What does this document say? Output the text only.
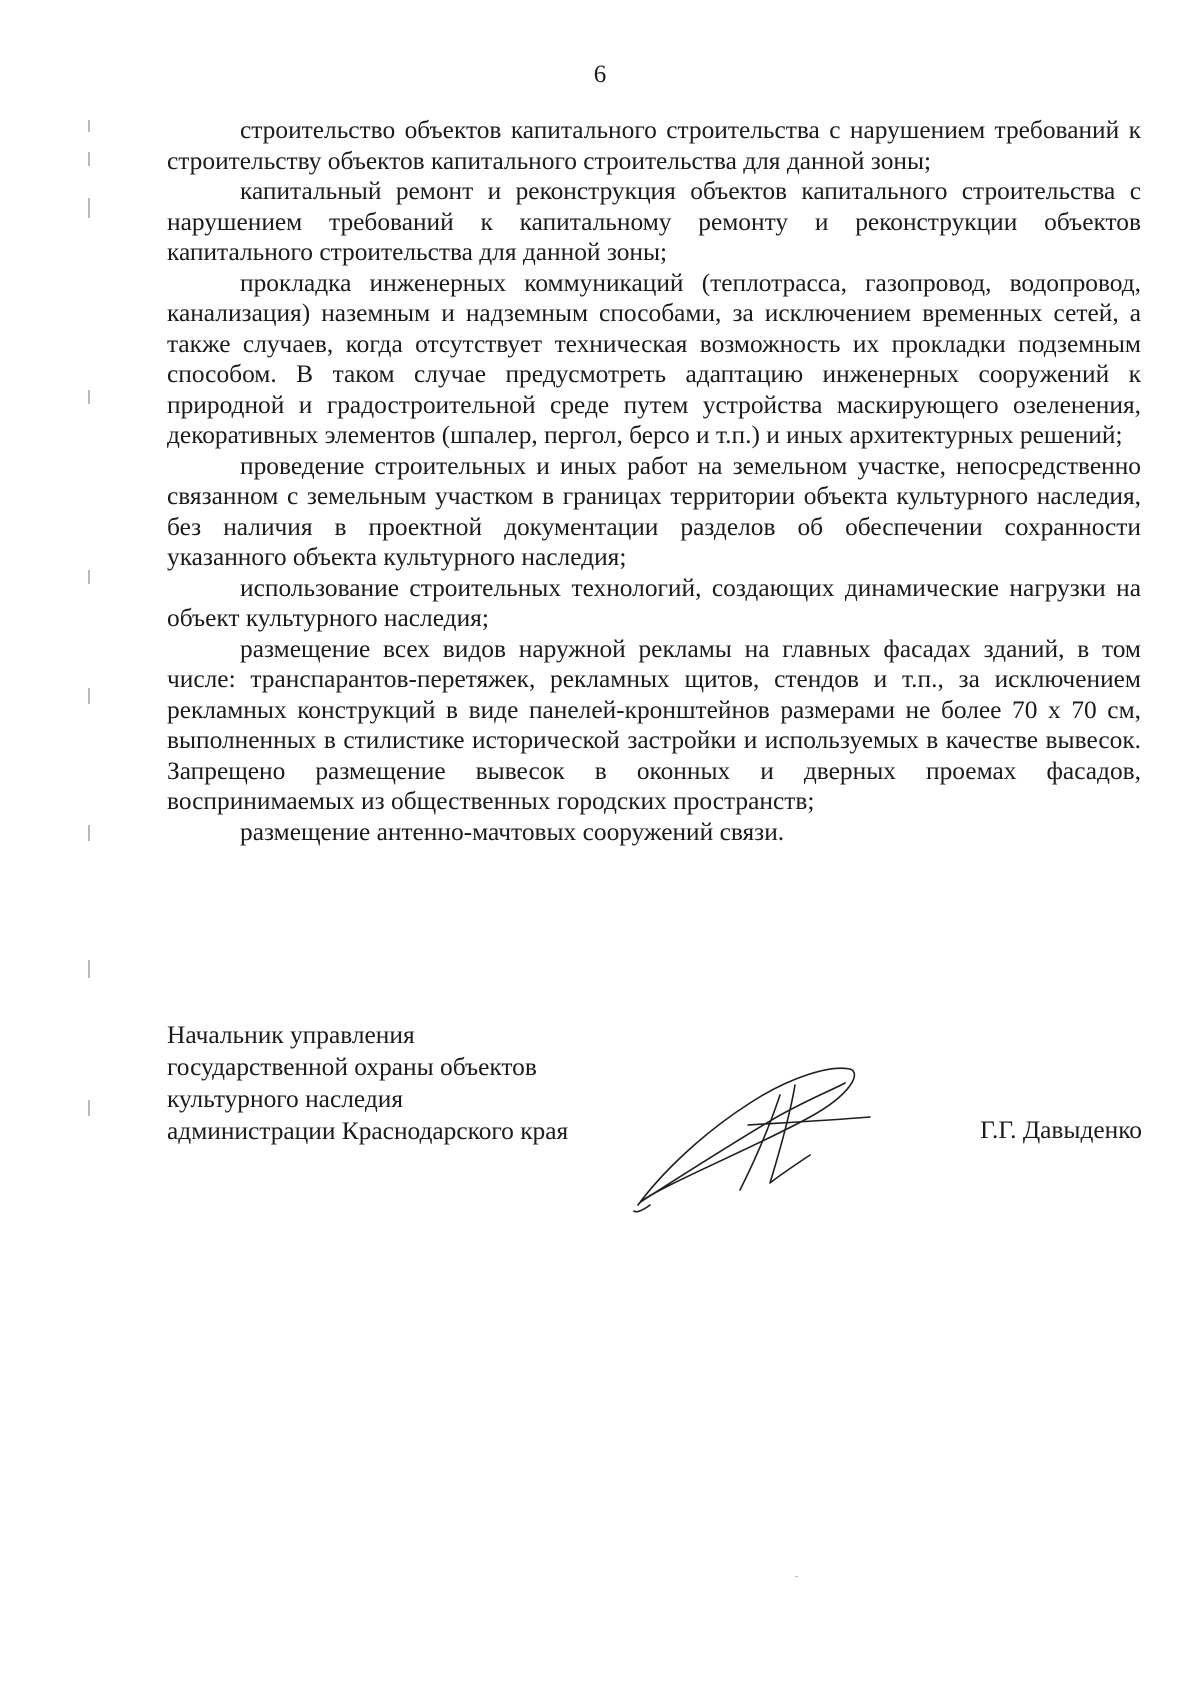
6

строительство объектов капитального строительства с нарушением требований к строительству объектов капитального строительства для данной зоны;

капитальный ремонт и реконструкция объектов капитального строительства с нарушением требований к капитальному ремонту и реконструкции объектов капитального строительства для данной зоны;

прокладка инженерных коммуникаций (теплотрасса, газопровод, водопровод, канализация) наземным и надземным способами, за исключением временных сетей, а также случаев, когда отсутствует техническая возможность их прокладки подземным способом. В таком случае предусмотреть адаптацию инженерных сооружений к природной и градостроительной среде путем устройства маскирующего озеленения, декоративных элементов (шпалер, пергол, берсо и т.п.) и иных архитектурных решений;

проведение строительных и иных работ на земельном участке, непосредственно связанном с земельным участком в границах территории объекта культурного наследия, без наличия в проектной документации разделов об обеспечении сохранности указанного объекта культурного наследия;

использование строительных технологий, создающих динамические нагрузки на объект культурного наследия;

размещение всех видов наружной рекламы на главных фасадах зданий, в том числе: транспарантов-перетяжек, рекламных щитов, стендов и т.п., за исключением рекламных конструкций в виде панелей-кронштейнов размерами не более 70 х 70 см, выполненных в стилистике исторической застройки и используемых в качестве вывесок. Запрещено размещение вывесок в оконных и дверных проемах фасадов, воспринимаемых из общественных городских пространств;

размещение антенно-мачтовых сооружений связи.

Начальник управления
государственной охраны объектов
культурного наследия
администрации Краснодарского края	Г.Г. Давыденко
